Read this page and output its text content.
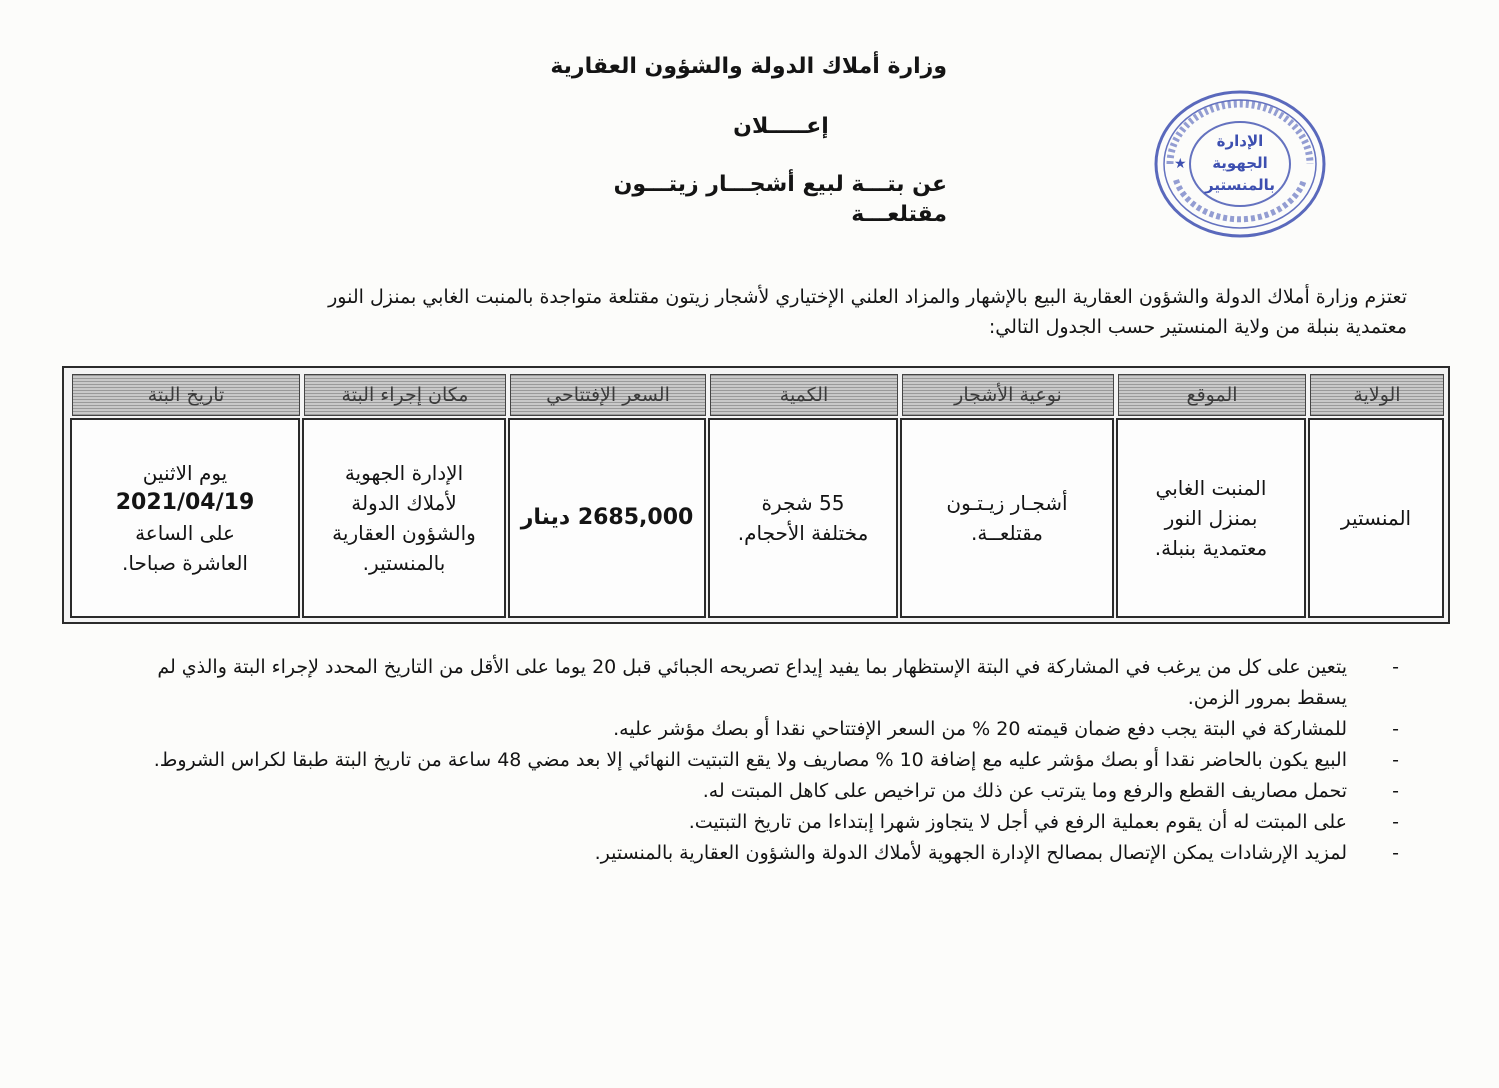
وزارة أملاك الدولة والشؤون العقارية
إعـــــلان
عن بتـــة لبيع أشجـــار زيتـــون مقتلعـــة
★
الإدارة
الجهوية
بالمنستير

تعتزم وزارة أملاك الدولة والشؤون العقارية البيع بالإشهار والمزاد العلني الإختياري لأشجار زيتون مقتلعة متواجدة بالمنبت الغابي بمنزل النور

معتمدية بنبلة من ولاية المنستير حسب الجدول التالي:

الولاية
الموقع
نوعية الأشجار
الكمية
السعر الإفتتاحي
مكان إجراء البتة
تاريخ البتة
المنستير
المنبت الغابي
بمنزل النور
معتمدية بنبلة.
أشجـار زيـتـون
مقتلعــة.
55 شجرة
مختلفة الأحجام.
2685,000 دينار
الإدارة الجهوية
لأملاك الدولة
والشؤون العقارية
بالمنستير.
يوم الاثنين
2021/04/19
على الساعة
العاشرة صباحا.
-
يتعين على كل من يرغب في المشاركة في البتة الإستظهار بما يفيد إيداع تصريحه الجبائي قبل 20 يوما على الأقل من التاريخ المحدد لإجراء البتة والذي لم يسقط بمرور الزمن.
-
للمشاركة في البتة يجب دفع ضمان قيمته 20 % من السعر الإفتتاحي نقدا أو بصك مؤشر عليه.
-
البيع يكون بالحاضر نقدا أو بصك مؤشر عليه مع إضافة 10 % مصاريف ولا يقع التبتيت النهائي إلا بعد مضي 48 ساعة من تاريخ البتة طبقا لكراس الشروط.
-
تحمل مصاريف القطع والرفع وما يترتب عن ذلك من تراخيص على كاهل المبتت له.
-
على المبتت له أن يقوم بعملية الرفع في أجل لا يتجاوز شهرا إبتداءا من تاريخ التبتيت.
-
لمزيد الإرشادات يمكن الإتصال بمصالح الإدارة الجهوية لأملاك الدولة والشؤون العقارية بالمنستير.
